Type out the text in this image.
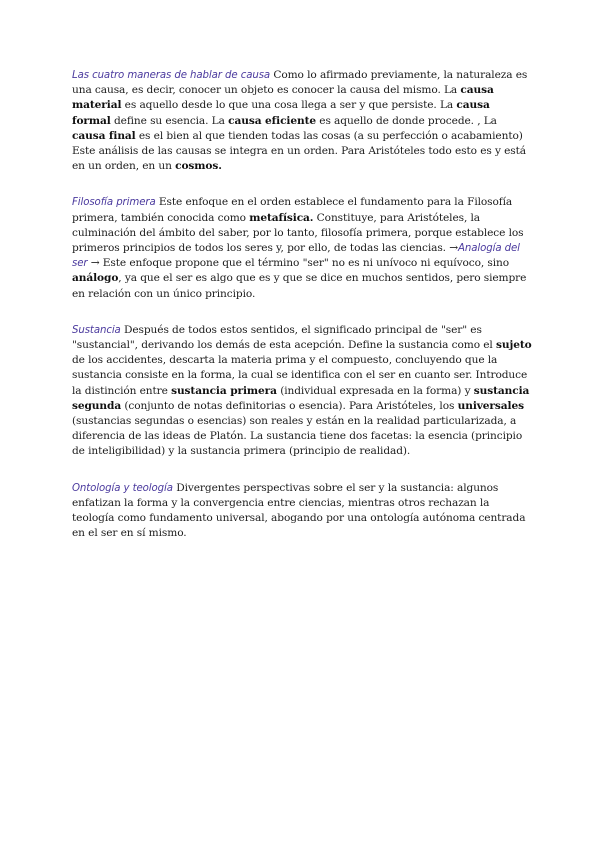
Las cuatro maneras de hablar de causa Como lo afirmado previamente, la naturaleza es una causa, es decir, conocer un objeto es conocer la causa del mismo. La causa material es aquello desde lo que una cosa llega a ser y que persiste. La causa formal define su esencia. La causa eficiente es aquello de donde procede. , La causa final es el bien al que tienden todas las cosas (a su perfección o acabamiento)

Este análisis de las causas se integra en un orden. Para Aristóteles todo esto es y está en un orden, en un cosmos.

Filosofía primera Este enfoque en el orden establece el fundamento para la Filosofía primera, también conocida como metafísica. Constituye, para Aristóteles, la culminación del ámbito del saber, por lo tanto, filosofía primera, porque establece los primeros principios de todos los seres y, por ello, de todas las ciencias. →Analogía del ser → Este enfoque propone que el término "ser" no es ni unívoco ni equívoco, sino análogo, ya que el ser es algo que es y que se dice en muchos sentidos, pero siempre en relación con un único principio.

Sustancia Después de todos estos sentidos, el significado principal de "ser" es "sustancial", derivando los demás de esta acepción. Define la sustancia como el sujeto de los accidentes, descarta la materia prima y el compuesto, concluyendo que la sustancia consiste en la forma, la cual se identifica con el ser en cuanto ser. Introduce la distinción entre sustancia primera (individual expresada en la forma) y sustancia segunda (conjunto de notas definitorias o esencia). Para Aristóteles, los universales (sustancias segundas o esencias) son reales y están en la realidad particularizada, a diferencia de las ideas de Platón. La sustancia tiene dos facetas: la esencia (principio de inteligibilidad) y la sustancia primera (principio de realidad).

Ontología y teología Divergentes perspectivas sobre el ser y la sustancia: algunos enfatizan la forma y la convergencia entre ciencias, mientras otros rechazan la teología como fundamento universal, abogando por una ontología autónoma centrada en el ser en sí mismo.
